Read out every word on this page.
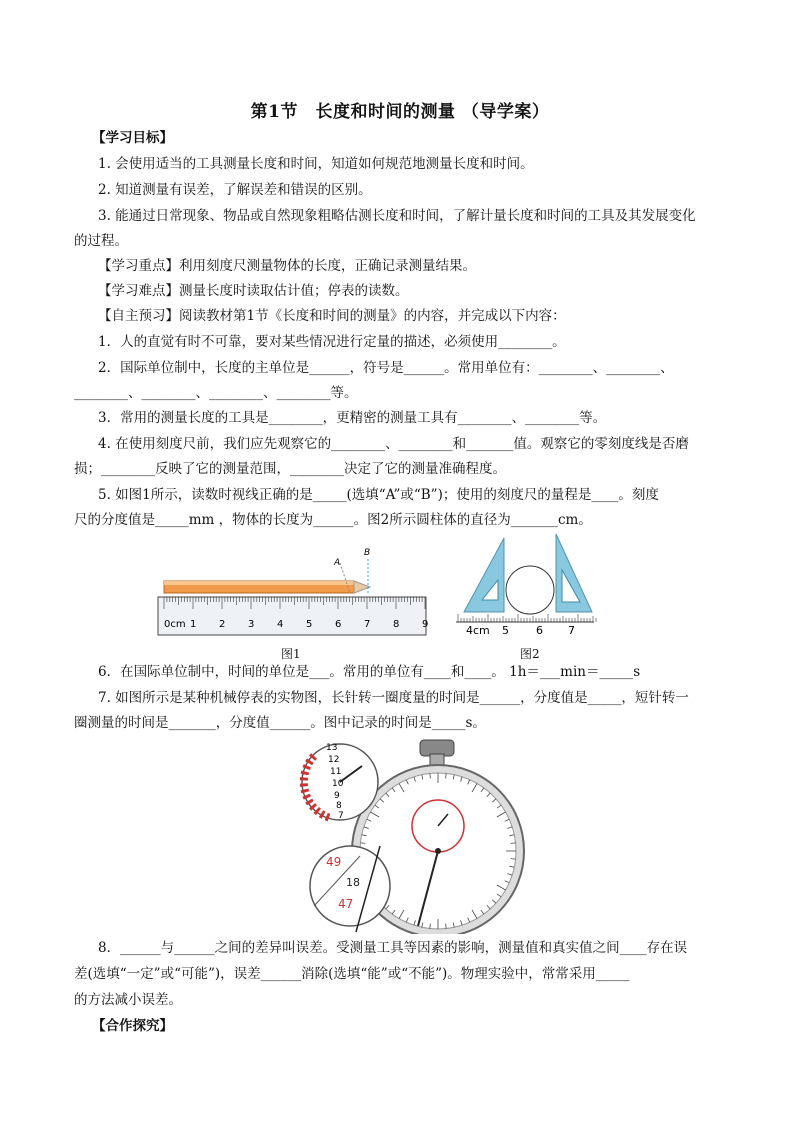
第1节　长度和时间的测量 （导学案）
【学习目标】
1. 会使用适当的工具测量长度和时间，知道如何规范地测量长度和时间。
2. 知道测量有误差，了解误差和错误的区别。
3. 能通过日常现象、物品或自然现象粗略估测长度和时间，了解计量长度和时间的工具及其发展变化
的过程。
【学习重点】利用刻度尺测量物体的长度，正确记录测量结果。
【学习难点】测量长度时读取估计值；停表的读数。
【自主预习】阅读教材第1节《长度和时间的测量》的内容，并完成以下内容：
1．人的直觉有时不可靠，要对某些情况进行定量的描述，必须使用________。
2．国际单位制中，长度的主单位是______，符号是______。常用单位有：________、________、
________、________、________、________等。
3．常用的测量长度的工具是________，更精密的测量工具有________、________等。
4. 在使用刻度尺前，我们应先观察它的________、________和_______值。观察它的零刻度线是否磨
损；________反映了它的测量范围，________决定了它的测量准确程度。
5. 如图1所示，读数时视线正确的是_____(选填“A”或“B”)；使用的刻度尺的量程是____。刻度
尺的分度值是_____mm ，物体的长度为______。图2所示圆柱体的直径为_______cm。
A
B
0cm 1 2 3 4 5 6 7 8 9
图1
4cm 5 6 7
图2
6．在国际单位制中，时间的单位是___。常用的单位有____和____。 1h＝___min＝_____s
7. 如图所示是某种机械停表的实物图，长针转一圈度量的时间是______，分度值是_____，短针转一
圈测量的时间是_______，分度值______。图中记录的时间是_____s。
13
12
11
10
9
8
7
49
18
47
8．______与______之间的差异叫误差。受测量工具等因素的影响，测量值和真实值之间____存在误
差(选填“一定”或“可能”)，误差______消除(选填“能”或“不能”)。物理实验中，常常采用_____
的方法减小误差。
【合作探究】
